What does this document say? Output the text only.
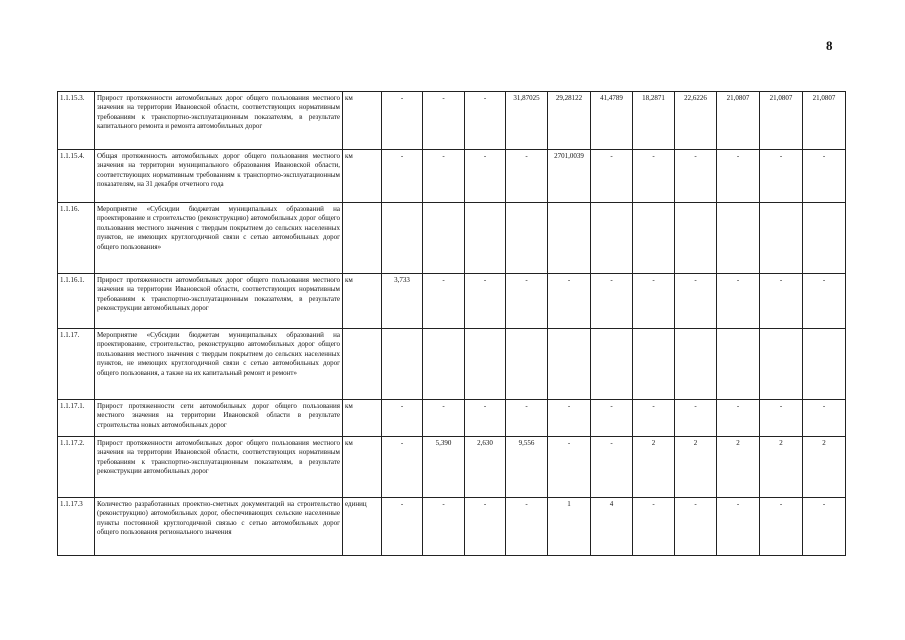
8
1.1.15.3.	Прирост протяженности автомобильных дорог общего пользования местного значения на территории Ивановской области, соответствующих нормативным требованиям к транспортно-эксплуатационным показателям, в результате капитального ремонта и ремонта автомобильных дорог	км	-	-	-	31,87025	29,28122	41,4789	18,2871	22,6226	21,0807	21,0807	21,0807
1.1.15.4.	Общая протяженность автомобильных дорог общего пользования местного значения на территории муниципального образования Ивановской области, соответствующих нормативным требованиям к транспортно-эксплуатационным показателям, на 31 декабря отчетного года	км	-	-	-	-	2701,0039	-	-	-	-	-	-
1.1.16.	Мероприятие «Субсидии бюджетам муниципальных образований на проектирование и строительство (реконструкцию) автомобильных дорог общего пользования местного значения с твердым покрытием до сельских населенных пунктов, не имеющих круглогодичной связи с сетью автомобильных дорог общего пользования»												
1.1.16.1.	Прирост протяженности автомобильных дорог общего пользования местного значения на территории Ивановской области, соответствующих нормативным требованиям к транспортно-эксплуатационным показателям, в результате реконструкции автомобильных дорог	км	3,733	-	-	-	-	-	-	-	-	-	-
1.1.17.	Мероприятие «Субсидии бюджетам муниципальных образований на проектирование, строительство, реконструкцию автомобильных дорог общего пользования местного значения с твердым покрытием до сельских населенных пунктов, не имеющих круглогодичной связи с сетью автомобильных дорог общего пользования, а также на их капитальный ремонт и ремонт»												
1.1.17.1.	Прирост протяженности сети автомобильных дорог общего пользования местного значения на территории Ивановской области в результате строительства новых автомобильных дорог	км	-	-	-	-	-	-	-	-	-	-	-
1.1.17.2.	Прирост протяженности автомобильных дорог общего пользования местного значения на территории Ивановской области, соответствующих нормативным требованиям к транспортно-эксплуатационным показателям, в результате реконструкции автомобильных дорог	км	-	5,390	2,630	9,556	-	-	2	2	2	2	2
1.1.17.3	Количество разработанных проектно-сметных документаций на строительство (реконструкцию) автомобильных дорог, обеспечивающих сельские населенные пункты постоянной круглогодичной связью с сетью автомобильных дорог общего пользования регионального значения	единиц	-	-	-	-	1	4	-	-	-	-	-
